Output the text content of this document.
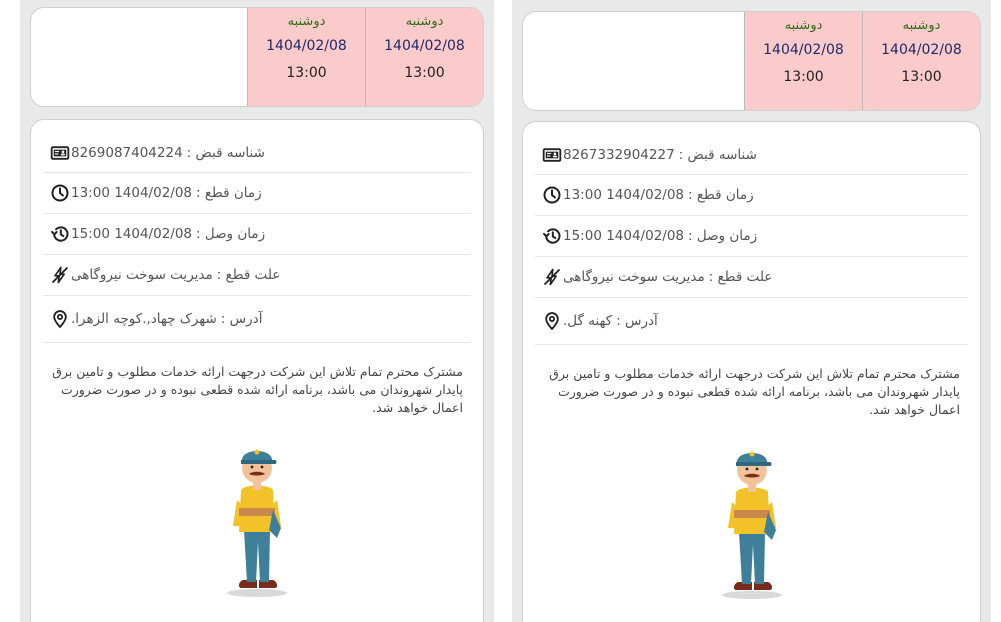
دوشنبه
1404/02/08
13:00
دوشنبه
1404/02/08
13:00
شناسه قبض :
8269087404224
زمان قطع :
13:00 1404/02/08
زمان وصل :
15:00 1404/02/08
علت قطع :
مدیریت سوخت نیروگاهی
آدرس :
شهرک چهاد,.کوچه الزهرا.
مشترک محترم تمام تلاش این شرکت درجهت ارائه خدمات مطلوب و تامین برق پایدار شهروندان می باشد، برنامه ارائه شده قطعی نبوده و در صورت ضرورت اعمال خواهد شد.
دوشنبه
1404/02/08
13:00
دوشنبه
1404/02/08
13:00
شناسه قبض :
8267332904227
زمان قطع :
13:00 1404/02/08
زمان وصل :
15:00 1404/02/08
علت قطع :
مدیریت سوخت نیروگاهی
آدرس :
کهنه گل.
مشترک محترم تمام تلاش این شرکت درجهت ارائه خدمات مطلوب و تامین برق پایدار شهروندان می باشد، برنامه ارائه شده قطعی نبوده و در صورت ضرورت اعمال خواهد شد.
